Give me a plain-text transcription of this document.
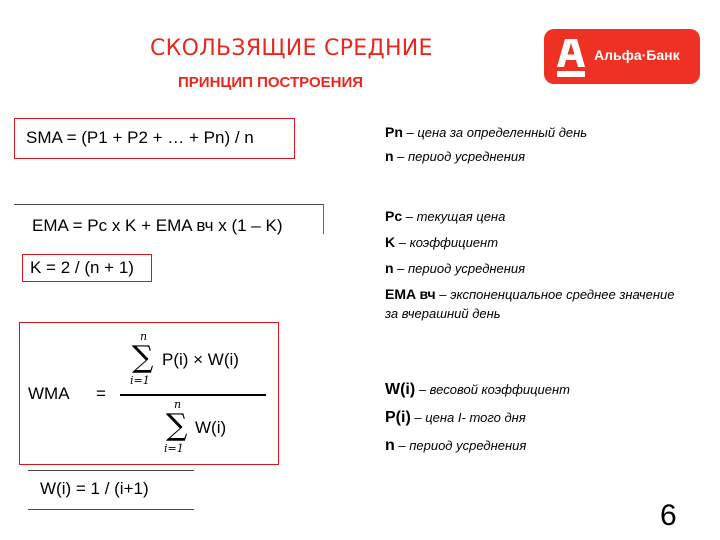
СКОЛЬЗЯЩИЕ СРЕДНИЕ
ПРИНЦИП ПОСТРОЕНИЯ
Альфа·Банк
SMA = (P1 + P2 + … + Pn) / n
EMA = Pc x K + EMA вч x (1 – K)
K = 2 / (n + 1)
WMA =
n
∑
i=1
P(i) × W(i)
n
∑
i=1
W(i)
W(i) = 1 / (i+1)
Pn – цена за определенный день
n – период усреднения
Pc – текущая цена
K – коэффициент
n – период усреднения
EMA вч – экспоненциальное среднее значение за вчерашний день
W(i) – весовой коэффициент
P(i) – цена I- того дня
n – период усреднения
6
